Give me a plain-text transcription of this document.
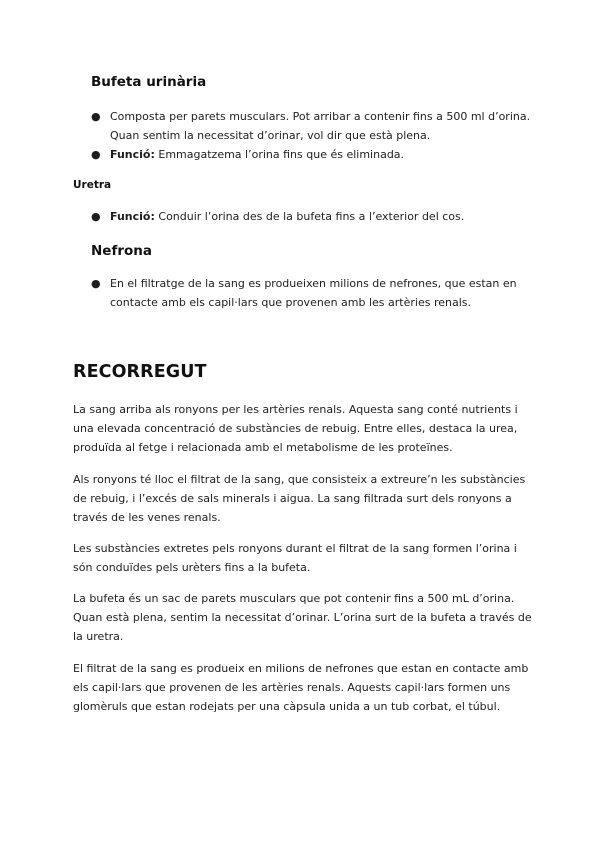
Bufeta urinària
● Composta per parets musculars. Pot arribar a contenir fins a 500 ml d’orina. Quan sentim la necessitat d’orinar, vol dir que està plena.
● Funció: Emmagatzema l’orina fins que és eliminada.
Uretra
● Funció: Conduir l’orina des de la bufeta fins a l’exterior del cos.
Nefrona
● En el filtratge de la sang es produeixen milions de nefrones, que estan en contacte amb els capil·lars que provenen amb les artèries renals.
RECORREGUT

La sang arriba als ronyons per les artèries renals. Aquesta sang conté nutrients i una elevada concentració de substàncies de rebuig. Entre elles, destaca la urea, produïda al fetge i relacionada amb el metabolisme de les proteïnes.

Als ronyons té lloc el filtrat de la sang, que consisteix a extreure’n les substàncies de rebuig, i l’excés de sals minerals i aigua. La sang filtrada surt dels ronyons a través de les venes renals.

Les substàncies extretes pels ronyons durant el filtrat de la sang formen l’orina i són conduïdes pels urèters fins a la bufeta.

La bufeta és un sac de parets musculars que pot contenir fins a 500 mL d’orina. Quan està plena, sentim la necessitat d’orinar. L’orina surt de la bufeta a través de la uretra.

El filtrat de la sang es produeix en milions de nefrones que estan en contacte amb els capil·lars que provenen de les artèries renals. Aquests capil·lars formen uns glomèruls que estan rodejats per una càpsula unida a un tub corbat, el túbul.
